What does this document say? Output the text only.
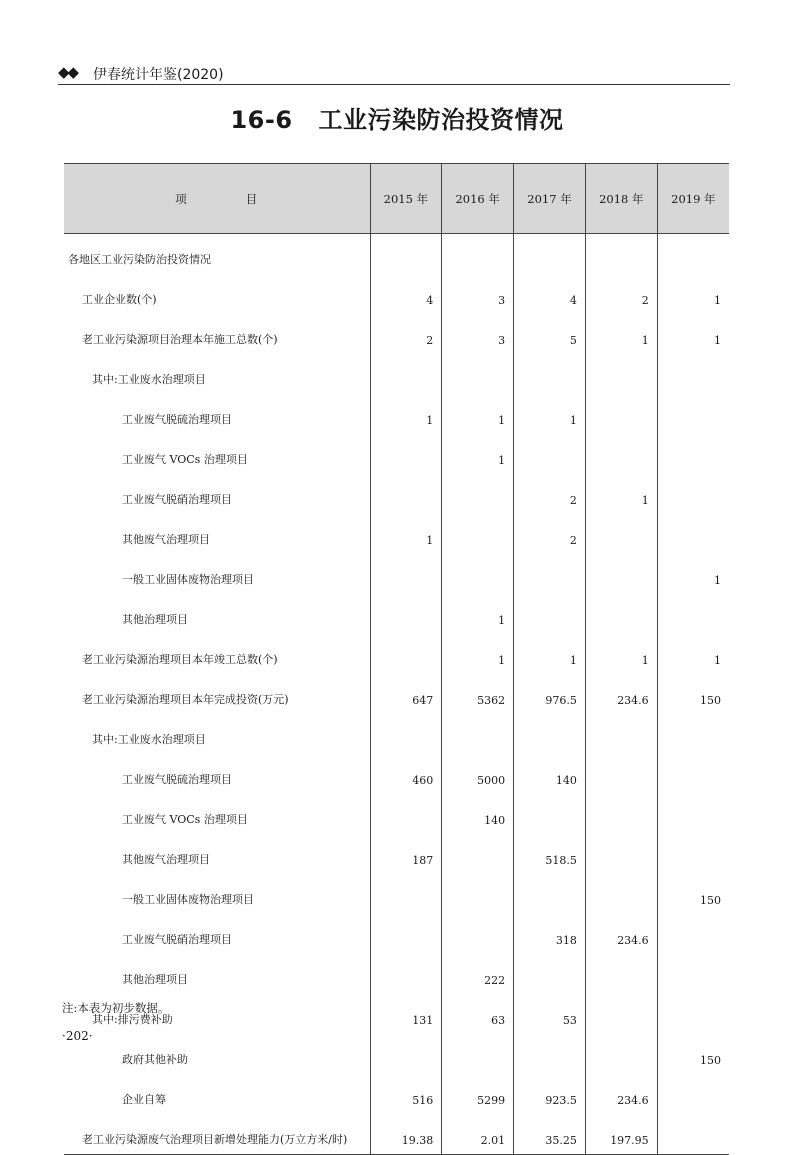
◆◆ 伊春统计年鉴(2020)
16-6 工业污染防治投资情况
项 目	2015 年	2016 年	2017 年	2018 年	2019 年
各地区工业污染防治投资情况					
工业企业数(个)	4	3	4	2	1
老工业污染源项目治理本年施工总数(个)	2	3	5	1	1
其中:工业废水治理项目					
工业废气脱硫治理项目	1	1	1		
工业废气 VOCs 治理项目		1			
工业废气脱硝治理项目			2	1	
其他废气治理项目	1		2		
一般工业固体废物治理项目					1
其他治理项目		1			
老工业污染源治理项目本年竣工总数(个)		1	1	1	1
老工业污染源治理项目本年完成投资(万元)	647	5362	976.5	234.6	150
其中:工业废水治理项目					
工业废气脱硫治理项目	460	5000	140		
工业废气 VOCs 治理项目		140			
其他废气治理项目	187		518.5		
一般工业固体废物治理项目					150
工业废气脱硝治理项目			318	234.6	
其他治理项目		222			
其中:排污费补助	131	63	53		
政府其他补助					150
企业自筹	516	5299	923.5	234.6	
老工业污染源废气治理项目新增处理能力(万立方米/时)	19.38	2.01	35.25	197.95	
注:本表为初步数据。
·202·
